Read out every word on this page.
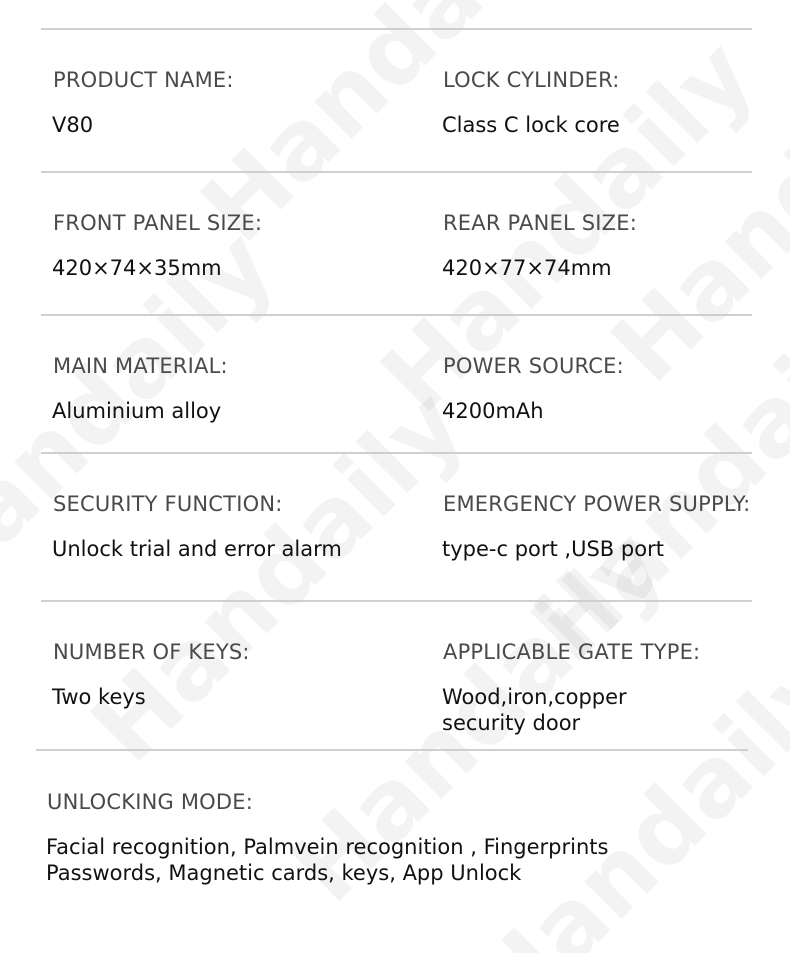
PRODUCT NAME:
V80
LOCK CYLINDER:
Class C lock core
FRONT PANEL SIZE:
420×74×35mm
REAR PANEL SIZE:
420×77×74mm
MAIN MATERIAL:
Aluminium alloy
POWER SOURCE:
4200mAh
SECURITY FUNCTION:
Unlock trial and error alarm
EMERGENCY POWER SUPPLY:
type-c port ,USB port
NUMBER OF KEYS:
Two keys
APPLICABLE GATE TYPE:
Wood,iron,copper
security door
UNLOCKING MODE:
Facial recognition, Palmvein recognition , Fingerprints
Passwords, Magnetic cards, keys, App Unlock
